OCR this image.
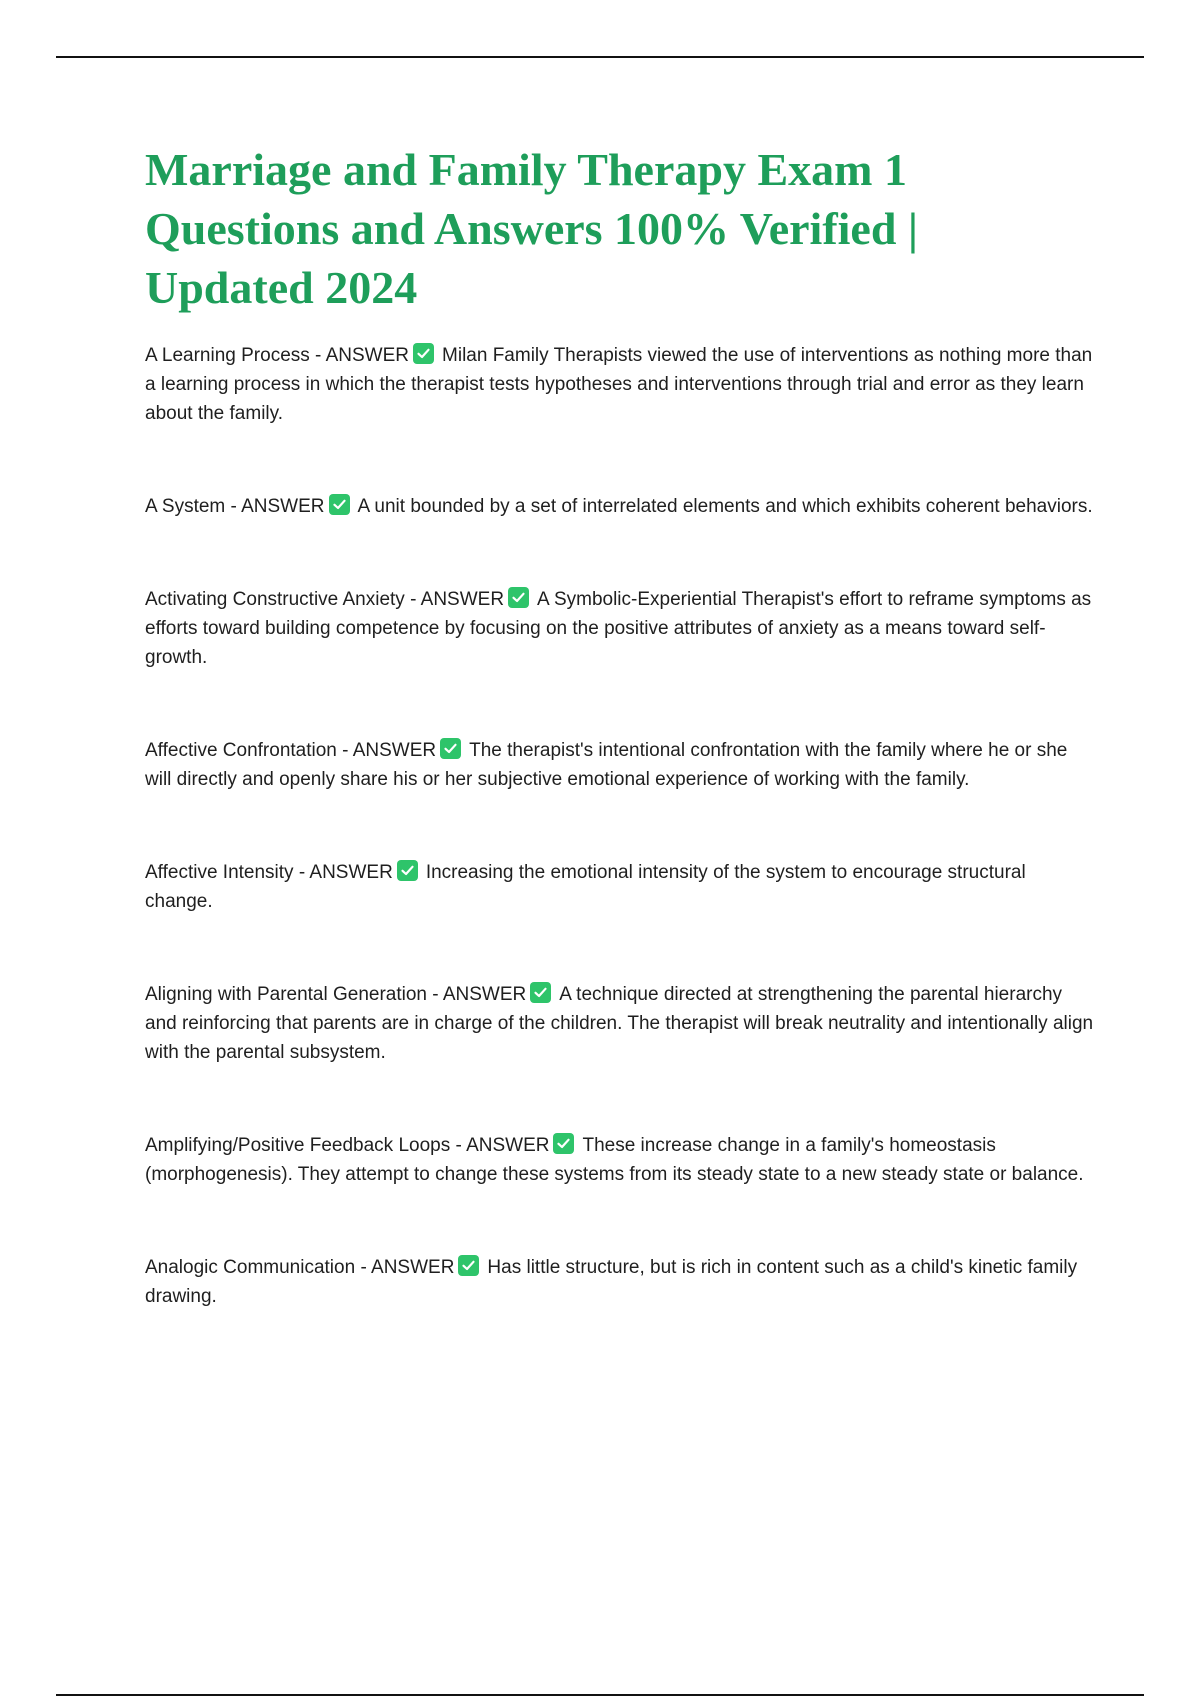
Marriage and Family Therapy Exam 1 Questions and Answers 100% Verified | Updated 2024
A Learning Process - ANSWER Milan Family Therapists viewed the use of interventions as nothing more than a learning process in which the therapist tests hypotheses and interventions through trial and error as they learn about the family.
A System - ANSWER A unit bounded by a set of interrelated elements and which exhibits coherent behaviors.
Activating Constructive Anxiety - ANSWER A Symbolic-Experiential Therapist's effort to reframe symptoms as efforts toward building competence by focusing on the positive attributes of anxiety as a means toward self-growth.
Affective Confrontation - ANSWER The therapist's intentional confrontation with the family where he or she will directly and openly share his or her subjective emotional experience of working with the family.
Affective Intensity - ANSWER Increasing the emotional intensity of the system to encourage structural change.
Aligning with Parental Generation - ANSWER A technique directed at strengthening the parental hierarchy and reinforcing that parents are in charge of the children. The therapist will break neutrality and intentionally align with the parental subsystem.
Amplifying/Positive Feedback Loops - ANSWER These increase change in a family's homeostasis (morphogenesis). They attempt to change these systems from its steady state to a new steady state or balance.
Analogic Communication - ANSWER Has little structure, but is rich in content such as a child's kinetic family drawing.
